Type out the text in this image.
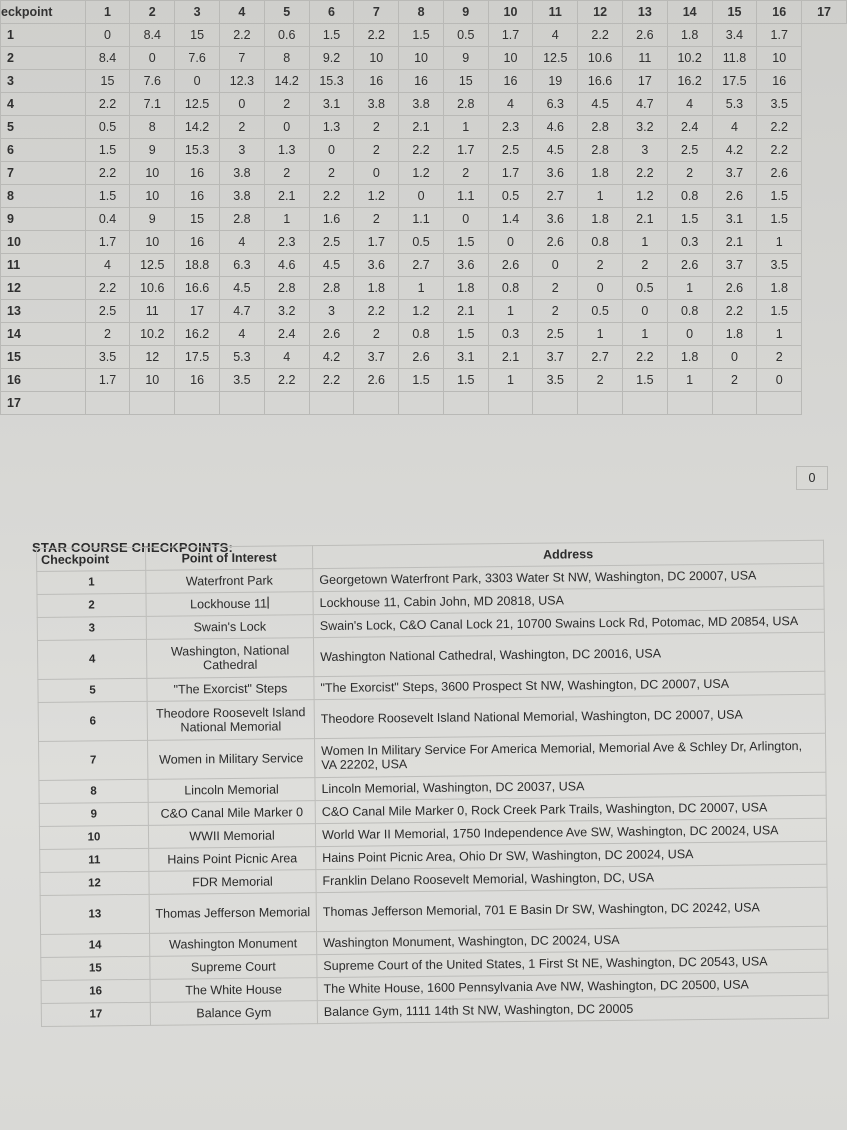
eckpoint	1	2	3	4	5	6	7	8	9	10	11	12	13	14	15	16	17
1	0	8.4	15	2.2	0.6	1.5	2.2	1.5	0.5	1.7	4	2.2	2.6	1.8	3.4	1.7	
2	8.4	0	7.6	7	8	9.2	10	10	9	10	12.5	10.6	11	10.2	11.8	10	
3	15	7.6	0	12.3	14.2	15.3	16	16	15	16	19	16.6	17	16.2	17.5	16	
4	2.2	7.1	12.5	0	2	3.1	3.8	3.8	2.8	4	6.3	4.5	4.7	4	5.3	3.5	
5	0.5	8	14.2	2	0	1.3	2	2.1	1	2.3	4.6	2.8	3.2	2.4	4	2.2	
6	1.5	9	15.3	3	1.3	0	2	2.2	1.7	2.5	4.5	2.8	3	2.5	4.2	2.2	
7	2.2	10	16	3.8	2	2	0	1.2	2	1.7	3.6	1.8	2.2	2	3.7	2.6	
8	1.5	10	16	3.8	2.1	2.2	1.2	0	1.1	0.5	2.7	1	1.2	0.8	2.6	1.5	
9	0.4	9	15	2.8	1	1.6	2	1.1	0	1.4	3.6	1.8	2.1	1.5	3.1	1.5	
10	1.7	10	16	4	2.3	2.5	1.7	0.5	1.5	0	2.6	0.8	1	0.3	2.1	1	
11	4	12.5	18.8	6.3	4.6	4.5	3.6	2.7	3.6	2.6	0	2	2	2.6	3.7	3.5	
12	2.2	10.6	16.6	4.5	2.8	2.8	1.8	1	1.8	0.8	2	0	0.5	1	2.6	1.8	
13	2.5	11	17	4.7	3.2	3	2.2	1.2	2.1	1	2	0.5	0	0.8	2.2	1.5	
14	2	10.2	16.2	4	2.4	2.6	2	0.8	1.5	0.3	2.5	1	1	0	1.8	1	
15	3.5	12	17.5	5.3	4	4.2	3.7	2.6	3.1	2.1	3.7	2.7	2.2	1.8	0	2	
16	1.7	10	16	3.5	2.2	2.2	2.6	1.5	1.5	1	3.5	2	1.5	1	2	0	
17																	
0
STAR COURSE CHECKPOINTS:
Checkpoint	Point of Interest	Address
1	Waterfront Park	Georgetown Waterfront Park, 3303 Water St NW, Washington, DC 20007, USA
2	Lockhouse 11	Lockhouse 11, Cabin John, MD 20818, USA
3	Swain's Lock	Swain's Lock, C&O Canal Lock 21, 10700 Swains Lock Rd, Potomac, MD 20854, USA
4	Washington, National Cathedral	Washington National Cathedral, Washington, DC 20016, USA
5	"The Exorcist" Steps	"The Exorcist" Steps, 3600 Prospect St NW, Washington, DC 20007, USA
6	Theodore Roosevelt Island National Memorial	Theodore Roosevelt Island National Memorial, Washington, DC 20007, USA
7	Women in Military Service	Women In Military Service For America Memorial, Memorial Ave & Schley Dr, Arlington, VA 22202, USA
8	Lincoln Memorial	Lincoln Memorial, Washington, DC 20037, USA
9	C&O Canal Mile Marker 0	C&O Canal Mile Marker 0, Rock Creek Park Trails, Washington, DC 20007, USA
10	WWII Memorial	World War II Memorial, 1750 Independence Ave SW, Washington, DC 20024, USA
11	Hains Point Picnic Area	Hains Point Picnic Area, Ohio Dr SW, Washington, DC 20024, USA
12	FDR Memorial	Franklin Delano Roosevelt Memorial, Washington, DC, USA
13	Thomas Jefferson Memorial	Thomas Jefferson Memorial, 701 E Basin Dr SW, Washington, DC 20242, USA
14	Washington Monument	Washington Monument, Washington, DC 20024, USA
15	Supreme Court	Supreme Court of the United States, 1 First St NE, Washington, DC 20543, USA
16	The White House	The White House, 1600 Pennsylvania Ave NW, Washington, DC 20500, USA
17	Balance Gym	Balance Gym, 1111 14th St NW, Washington, DC 20005
